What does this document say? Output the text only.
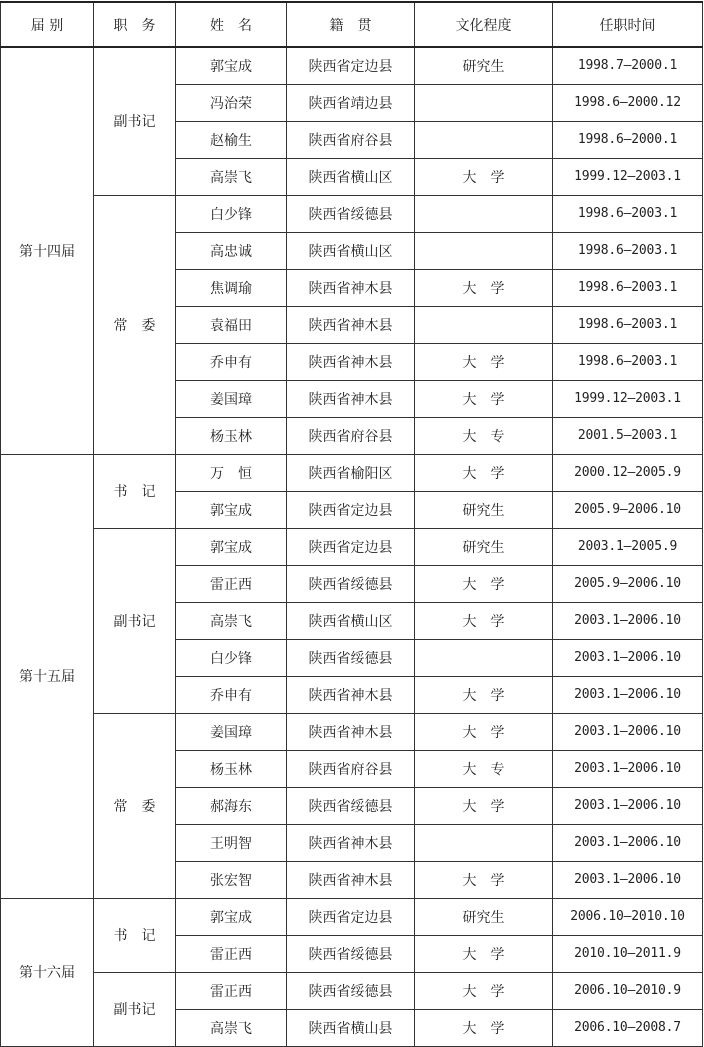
届 别	职　务	姓　名	籍　贯	文化程度	任职时间
第十四届	副书记	郭宝成	陕西省定边县	研究生	1998.7—2000.1
		冯治荣	陕西省靖边县		1998.6—2000.12
		赵榆生	陕西省府谷县		1998.6—2000.1
		高崇飞	陕西省横山区	大　学	1999.12—2003.1
	常　委	白少锋	陕西省绥德县		1998.6—2003.1
		高忠诚	陕西省横山区		1998.6—2003.1
		焦调瑜	陕西省神木县	大　学	1998.6—2003.1
		袁福田	陕西省神木县		1998.6—2003.1
		乔申有	陕西省神木县	大　学	1998.6—2003.1
		姜国璋	陕西省神木县	大　学	1999.12—2003.1
		杨玉林	陕西省府谷县	大　专	2001.5—2003.1
第十五届	书　记	万　恒	陕西省榆阳区	大　学	2000.12—2005.9
		郭宝成	陕西省定边县	研究生	2005.9—2006.10
	副书记	郭宝成	陕西省定边县	研究生	2003.1—2005.9
		雷正西	陕西省绥德县	大　学	2005.9—2006.10
		高崇飞	陕西省横山区	大　学	2003.1—2006.10
		白少锋	陕西省绥德县		2003.1—2006.10
		乔申有	陕西省神木县	大　学	2003.1—2006.10
	常　委	姜国璋	陕西省神木县	大　学	2003.1—2006.10
		杨玉林	陕西省府谷县	大　专	2003.1—2006.10
		郝海东	陕西省绥德县	大　学	2003.1—2006.10
		王明智	陕西省神木县		2003.1—2006.10
		张宏智	陕西省神木县	大　学	2003.1—2006.10
第十六届	书　记	郭宝成	陕西省定边县	研究生	2006.10—2010.10
		雷正西	陕西省绥德县	大　学	2010.10—2011.9
	副书记	雷正西	陕西省绥德县	大　学	2006.10—2010.9
		高崇飞	陕西省横山县	大　学	2006.10—2008.7
